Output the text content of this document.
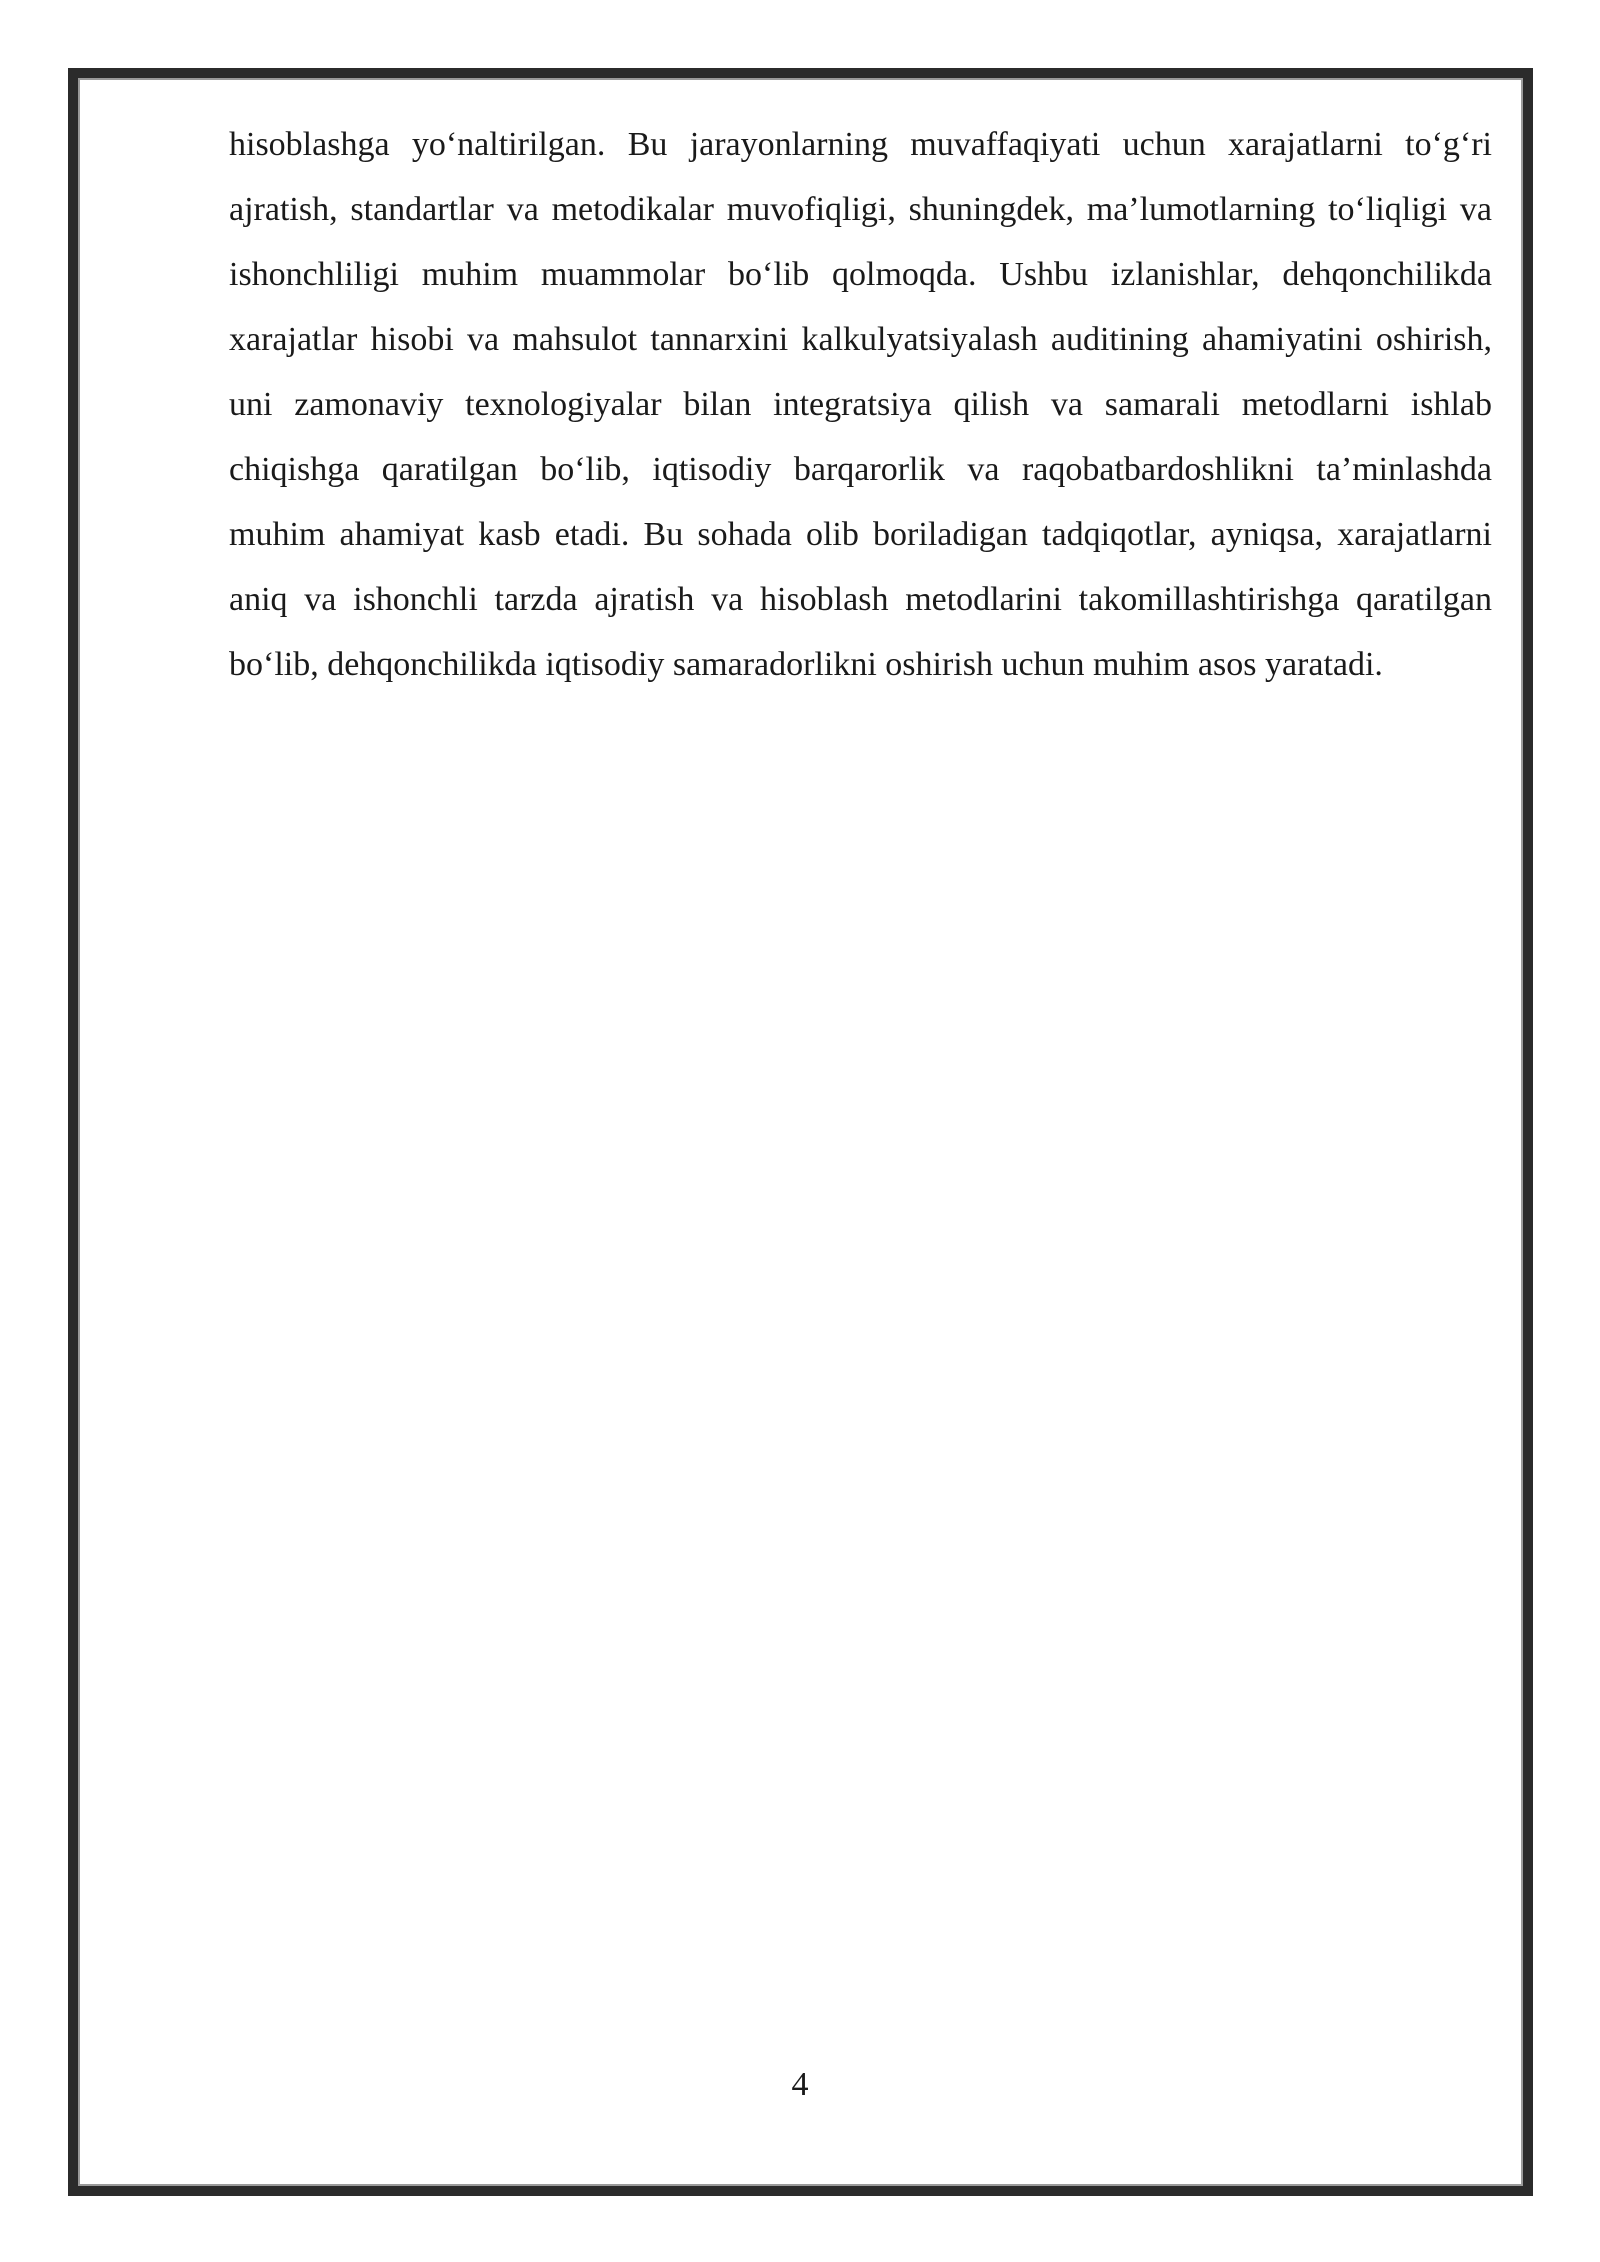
hisoblashga yo‘naltirilgan. Bu jarayonlarning muvaffaqiyati uchun xarajatlarni to‘g‘ri ajratish, standartlar va metodikalar muvofiqligi, shuningdek, ma’lumotlarning to‘liqligi va ishonchliligi muhim muammolar bo‘lib qolmoqda. Ushbu izlanishlar, dehqonchilikda xarajatlar hisobi va mahsulot tannarxini kalkulyatsiyalash auditining ahamiyatini oshirish, uni zamonaviy texnologiyalar bilan integratsiya qilish va samarali metodlarni ishlab chiqishga qaratilgan bo‘lib, iqtisodiy barqarorlik va raqobatbardoshlikni ta’minlashda muhim ahamiyat kasb etadi. Bu sohada olib boriladigan tadqiqotlar, ayniqsa, xarajatlarni aniq va ishonchli tarzda ajratish va hisoblash metodlarini takomillashtirishga qaratilgan bo‘lib, dehqonchilikda iqtisodiy samaradorlikni oshirish uchun muhim asos yaratadi.

4
